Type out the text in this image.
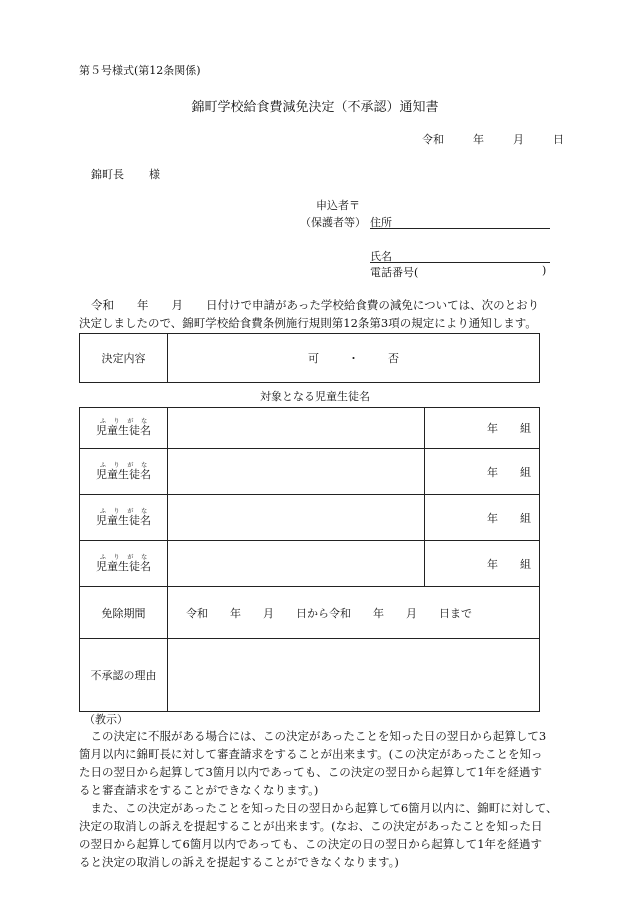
第５号様式(第12条関係)
錦町学校給食費減免決定（不承認）通知書
令和	年	月	日
錦町長 様
申込者 〒
（保護者等） 住所
氏名
電話番号(	)
令和　　年　　月　　日付けで申請があった学校給食費の減免については、次のとおり
決定しましたので、錦町学校給食費条例施行規則第12条第3項の規定により通知します。
決定内容	可	・	否
対象となる児童生徒名
児童生徒名ふりがな		年 組
児童生徒名ふりがな		年 組
児童生徒名ふりがな		年 組
児童生徒名ふりがな		年 組
免除期間	令和　　年　　月　　日から令和　　年　　月　　日まで	
不承認の理由		
（教示）
　この決定に不服がある場合には、この決定があったことを知った日の翌日から起算して3
箇月以内に錦町長に対して審査請求をすることが出来ます。(この決定があったことを知っ
た日の翌日から起算して3箇月以内であっても、この決定の翌日から起算して1年を経過す
ると審査請求をすることができなくなります。)
　また、この決定があったことを知った日の翌日から起算して6箇月以内に、錦町に対して、
決定の取消しの訴えを提起することが出来ます。(なお、この決定があったことを知った日
の翌日から起算して6箇月以内であっても、この決定の日の翌日から起算して1年を経過す
ると決定の取消しの訴えを提起することができなくなります。)
